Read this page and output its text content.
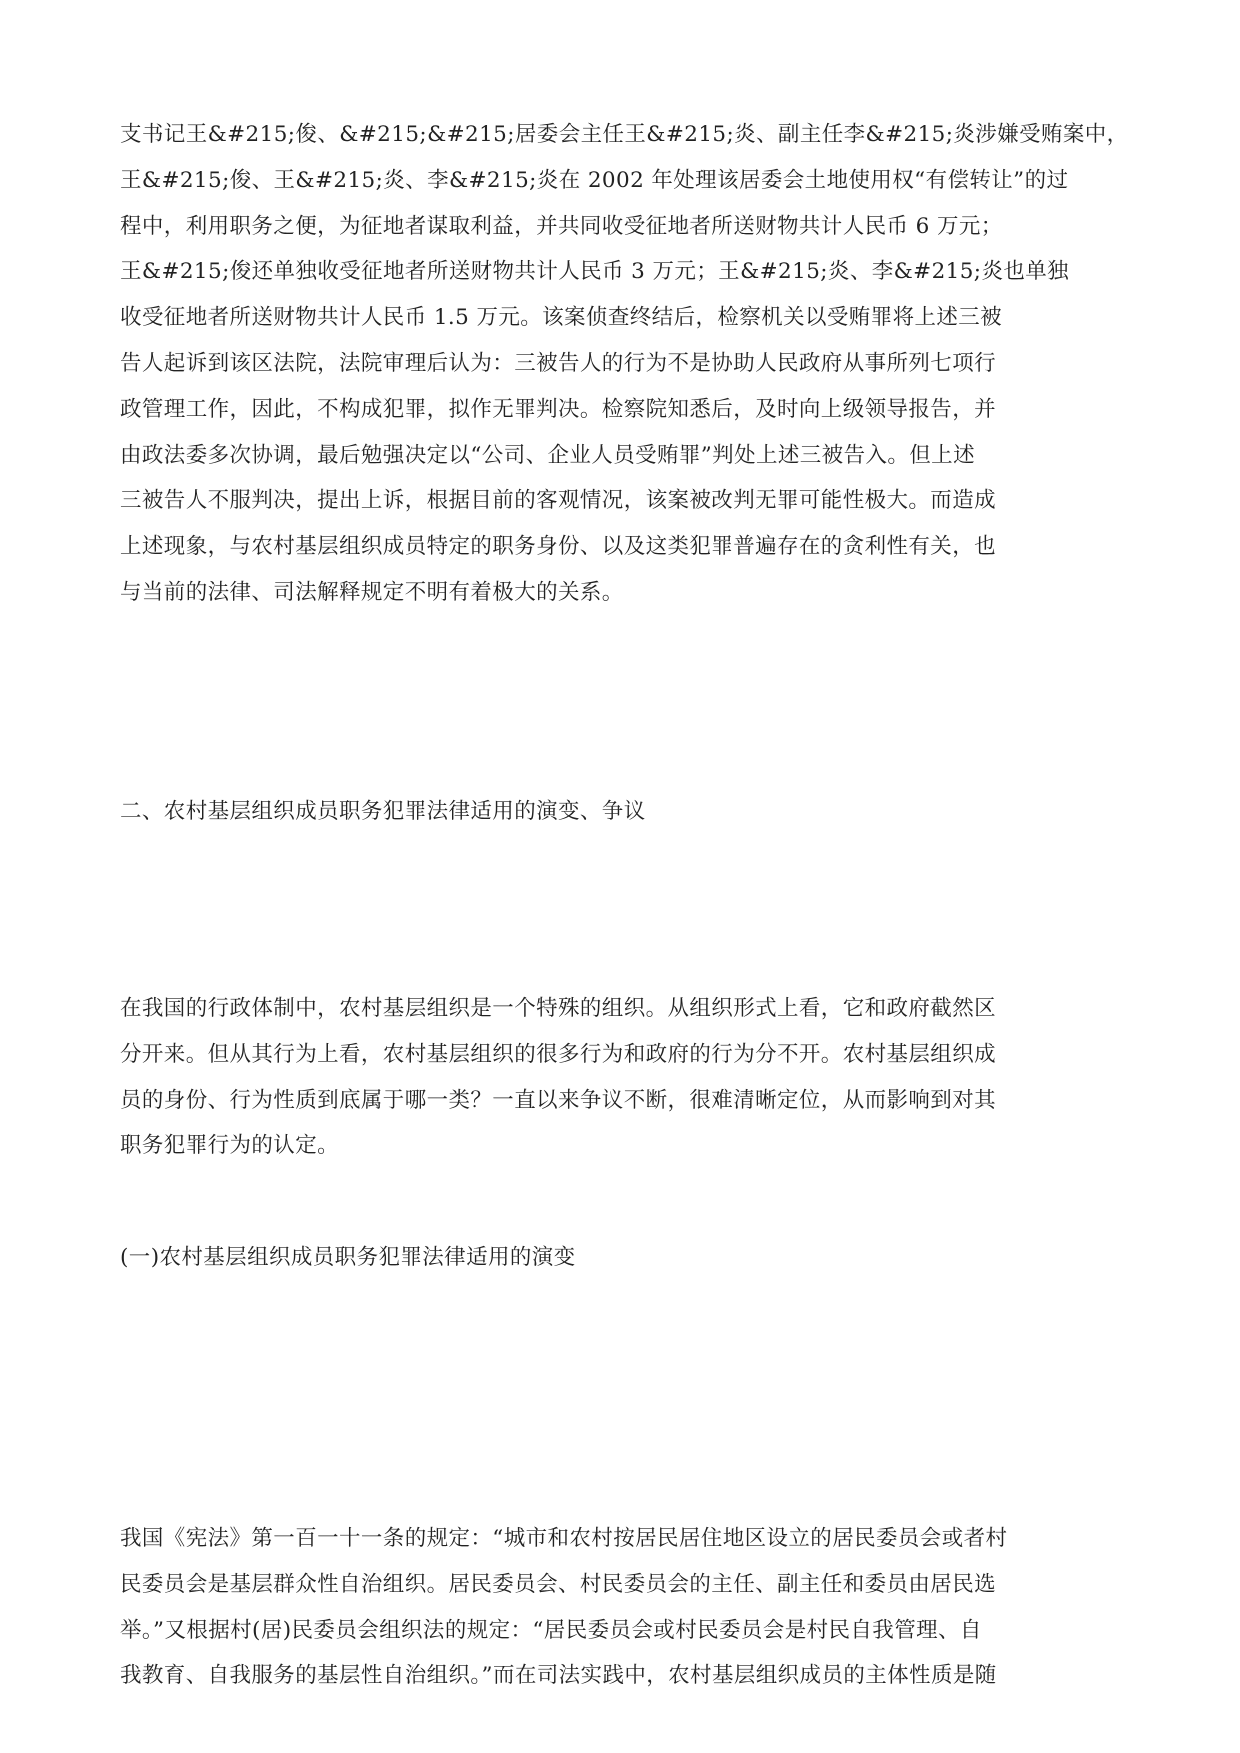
支书记王&#215;俊、&#215;&#215;居委会主任王&#215;炎、副主任李&#215;炎涉嫌受贿案中，
王&#215;俊、王&#215;炎、李&#215;炎在 2002 年处理该居委会土地使用权“有偿转让”的过
程中，利用职务之便，为征地者谋取利益，并共同收受征地者所送财物共计人民币 6 万元；
王&#215;俊还单独收受征地者所送财物共计人民币 3 万元；王&#215;炎、李&#215;炎也单独
收受征地者所送财物共计人民币 1.5 万元。该案侦查终结后，检察机关以受贿罪将上述三被
告人起诉到该区法院，法院审理后认为：三被告人的行为不是协助人民政府从事所列七项行
政管理工作，因此，不构成犯罪，拟作无罪判决。检察院知悉后，及时向上级领导报告，并
由政法委多次协调，最后勉强决定以“公司、企业人员受贿罪”判处上述三被告入。但上述
三被告人不服判决，提出上诉，根据目前的客观情况，该案被改判无罪可能性极大。而造成
上述现象，与农村基层组织成员特定的职务身份、以及这类犯罪普遍存在的贪利性有关，也
与当前的法律、司法解释规定不明有着极大的关系。
二、农村基层组织成员职务犯罪法律适用的演变、争议
在我国的行政体制中，农村基层组织是一个特殊的组织。从组织形式上看，它和政府截然区
分开来。但从其行为上看，农村基层组织的很多行为和政府的行为分不开。农村基层组织成
员的身份、行为性质到底属于哪一类？一直以来争议不断，很难清晰定位，从而影响到对其
职务犯罪行为的认定。
(一)农村基层组织成员职务犯罪法律适用的演变
我国《宪法》第一百一十一条的规定：“城市和农村按居民居住地区设立的居民委员会或者村
民委员会是基层群众性自治组织。居民委员会、村民委员会的主任、副主任和委员由居民选
举。”又根据村(居)民委员会组织法的规定：“居民委员会或村民委员会是村民自我管理、自
我教育、自我服务的基层性自治组织。”而在司法实践中，农村基层组织成员的主体性质是随
